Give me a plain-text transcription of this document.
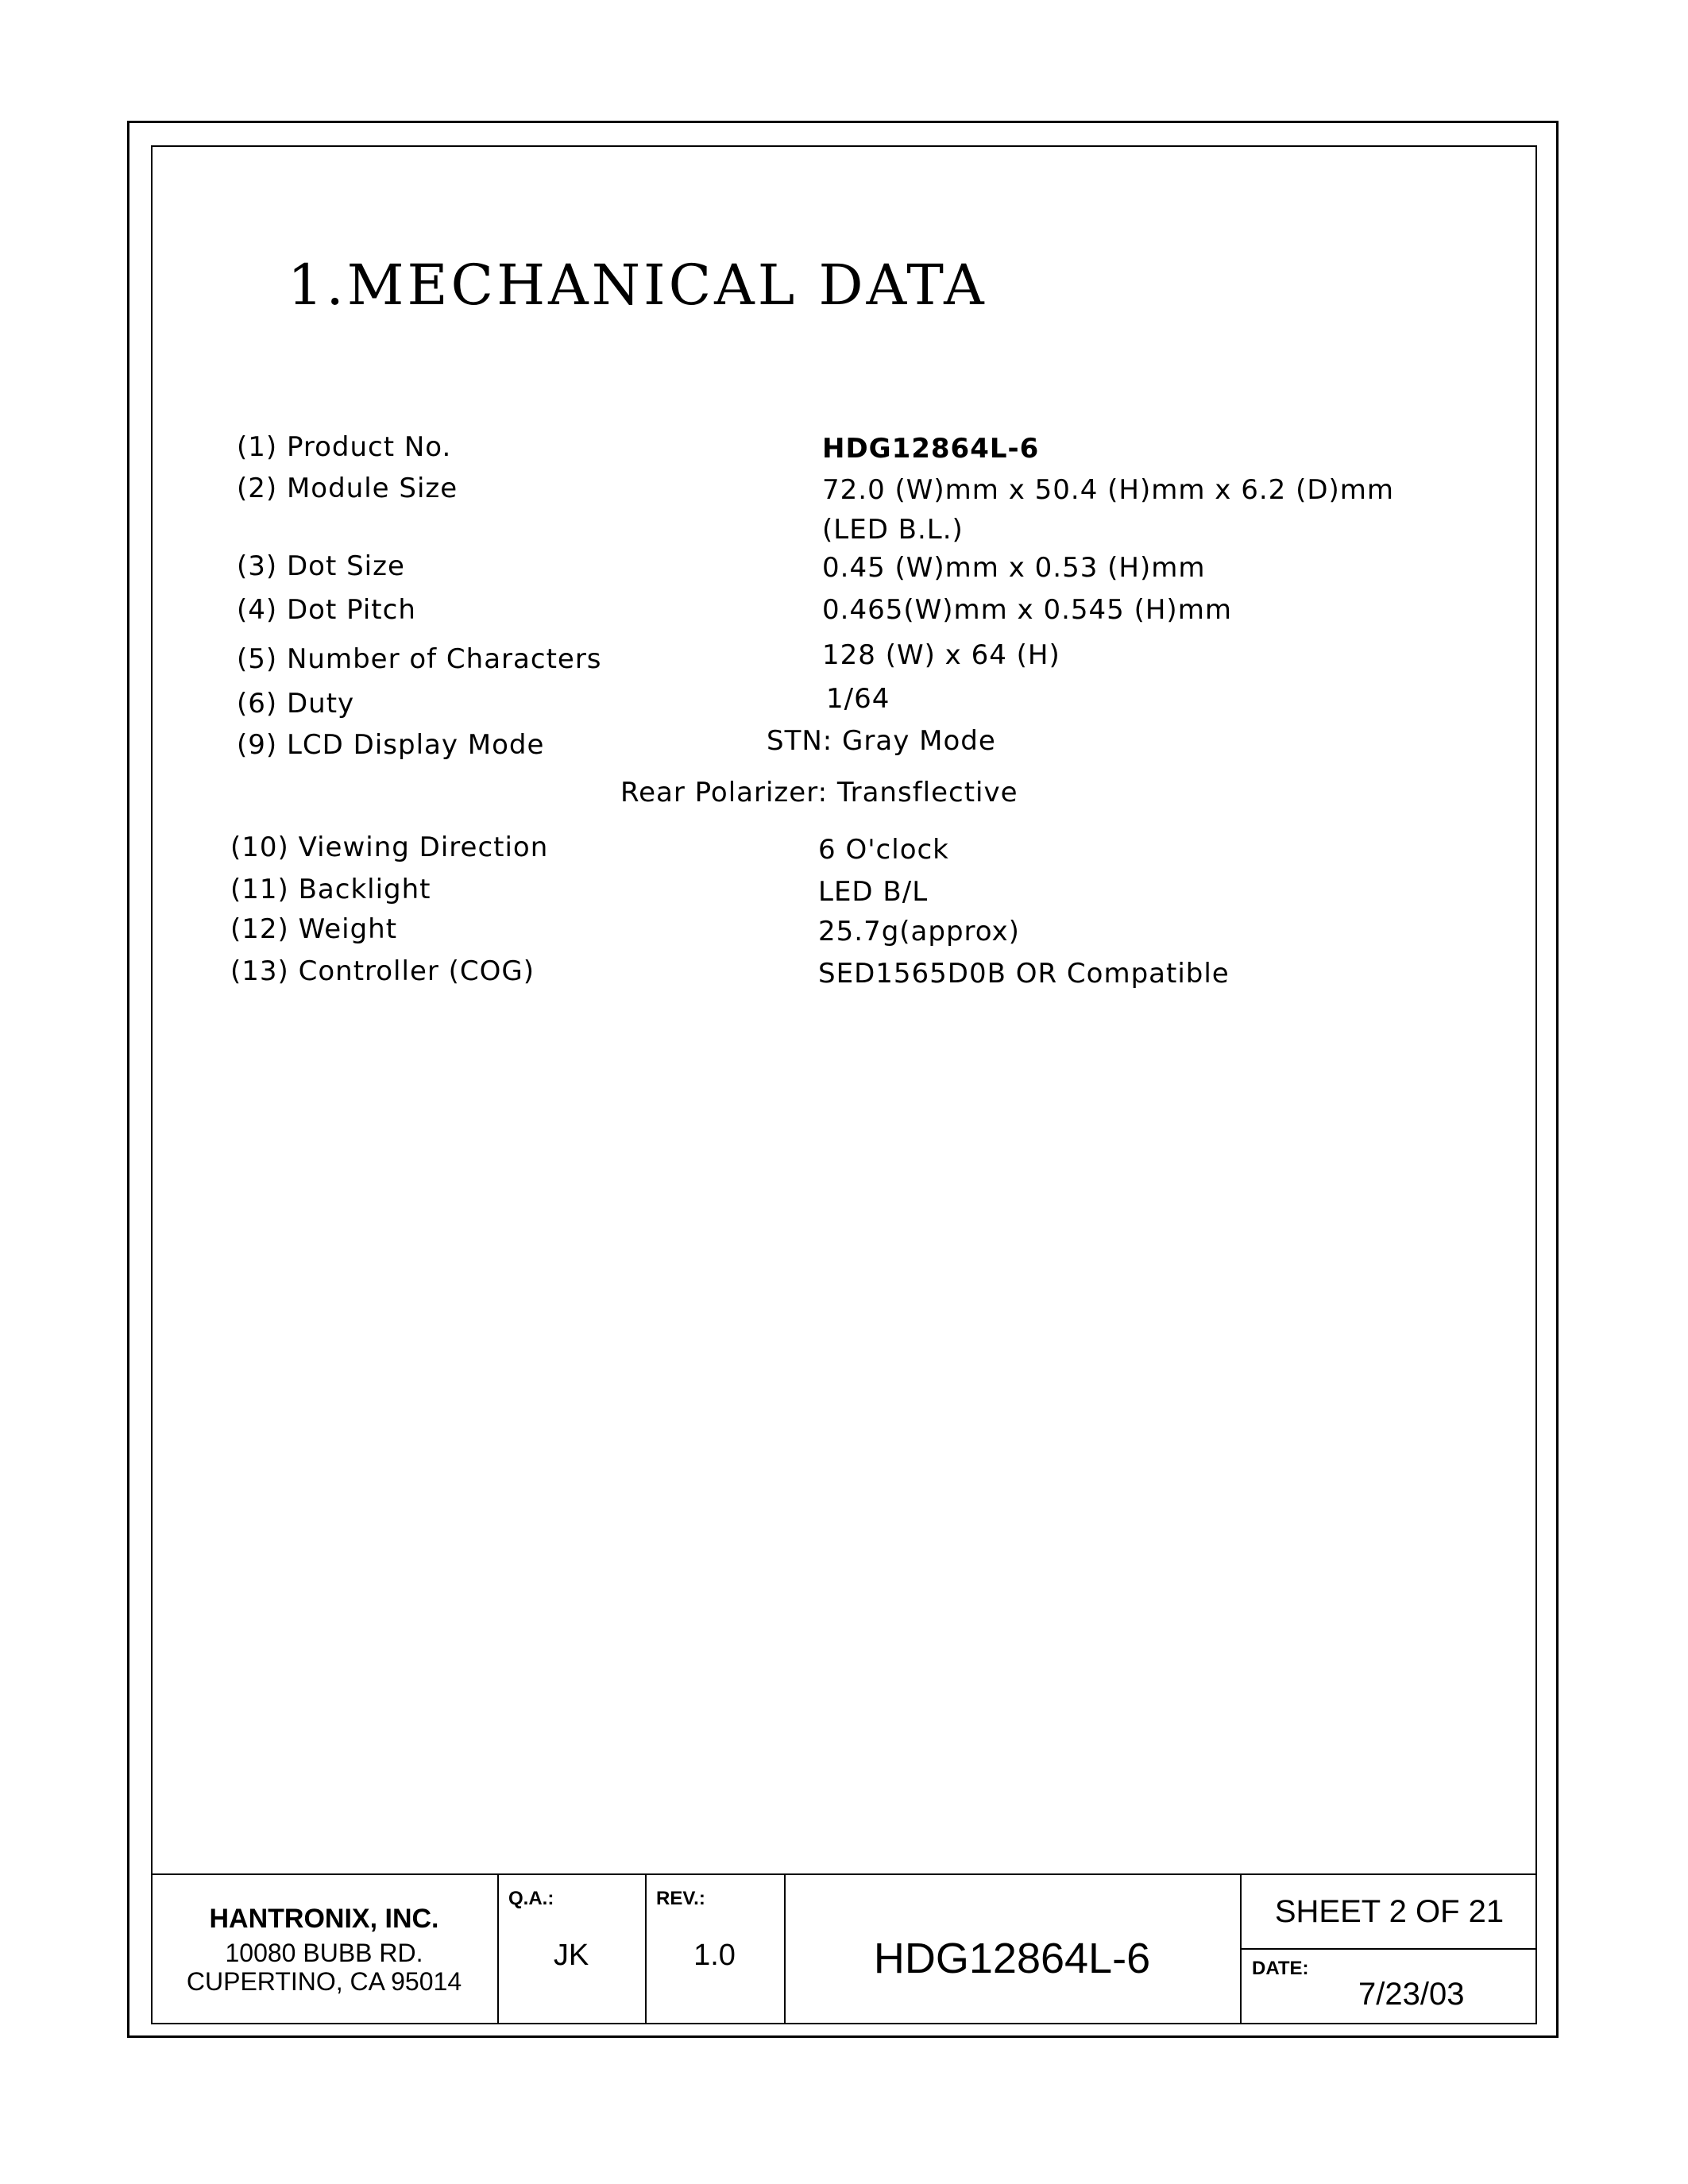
1.MECHANICAL DATA
(1) Product No.	HDG12864L-6
(2) Module Size	72.0 (W)mm x 50.4 (H)mm x 6.2 (D)mm
(LED B.L.)
(3) Dot Size	0.45 (W)mm x 0.53 (H)mm
(4) Dot Pitch	0.465(W)mm x 0.545 (H)mm
(5) Number of Characters	128 (W) x 64 (H)
(6) Duty	1/64
(9) LCD Display Mode	STN: Gray Mode
Rear Polarizer: Transflective
(10) Viewing Direction	6 O'clock
(11) Backlight	LED B/L
(12) Weight	25.7g(approx)
(13) Controller (COG)	SED1565D0B OR Compatible
HANTRONIX, INC.
10080 BUBB RD.
CUPERTINO, CA 95014
Q.A.:
JK
REV.:
1.0	HDG12864L-6
SHEET 2 OF 21
DATE:
7/23/03
